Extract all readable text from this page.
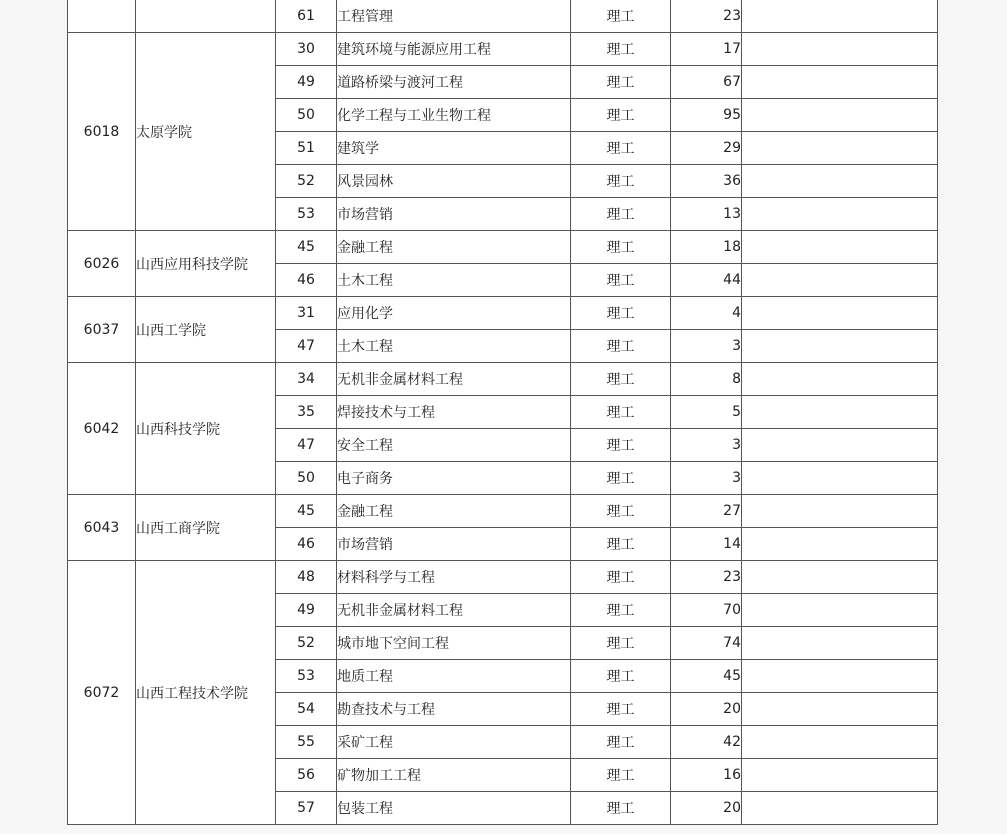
		61	工程管理	理工	23	
6018	太原学院	30	建筑环境与能源应用工程	理工	17	
		49	道路桥梁与渡河工程	理工	67	
		50	化学工程与工业生物工程	理工	95	
		51	建筑学	理工	29	
		52	风景园林	理工	36	
		53	市场营销	理工	13	
6026	山西应用科技学院	45	金融工程	理工	18	
		46	土木工程	理工	44	
6037	山西工学院	31	应用化学	理工	4	
		47	土木工程	理工	3	
6042	山西科技学院	34	无机非金属材料工程	理工	8	
		35	焊接技术与工程	理工	5	
		47	安全工程	理工	3	
		50	电子商务	理工	3	
6043	山西工商学院	45	金融工程	理工	27	
		46	市场营销	理工	14	
6072	山西工程技术学院	48	材料科学与工程	理工	23	
		49	无机非金属材料工程	理工	70	
		52	城市地下空间工程	理工	74	
		53	地质工程	理工	45	
		54	勘查技术与工程	理工	20	
		55	采矿工程	理工	42	
		56	矿物加工工程	理工	16	
		57	包装工程	理工	20	
